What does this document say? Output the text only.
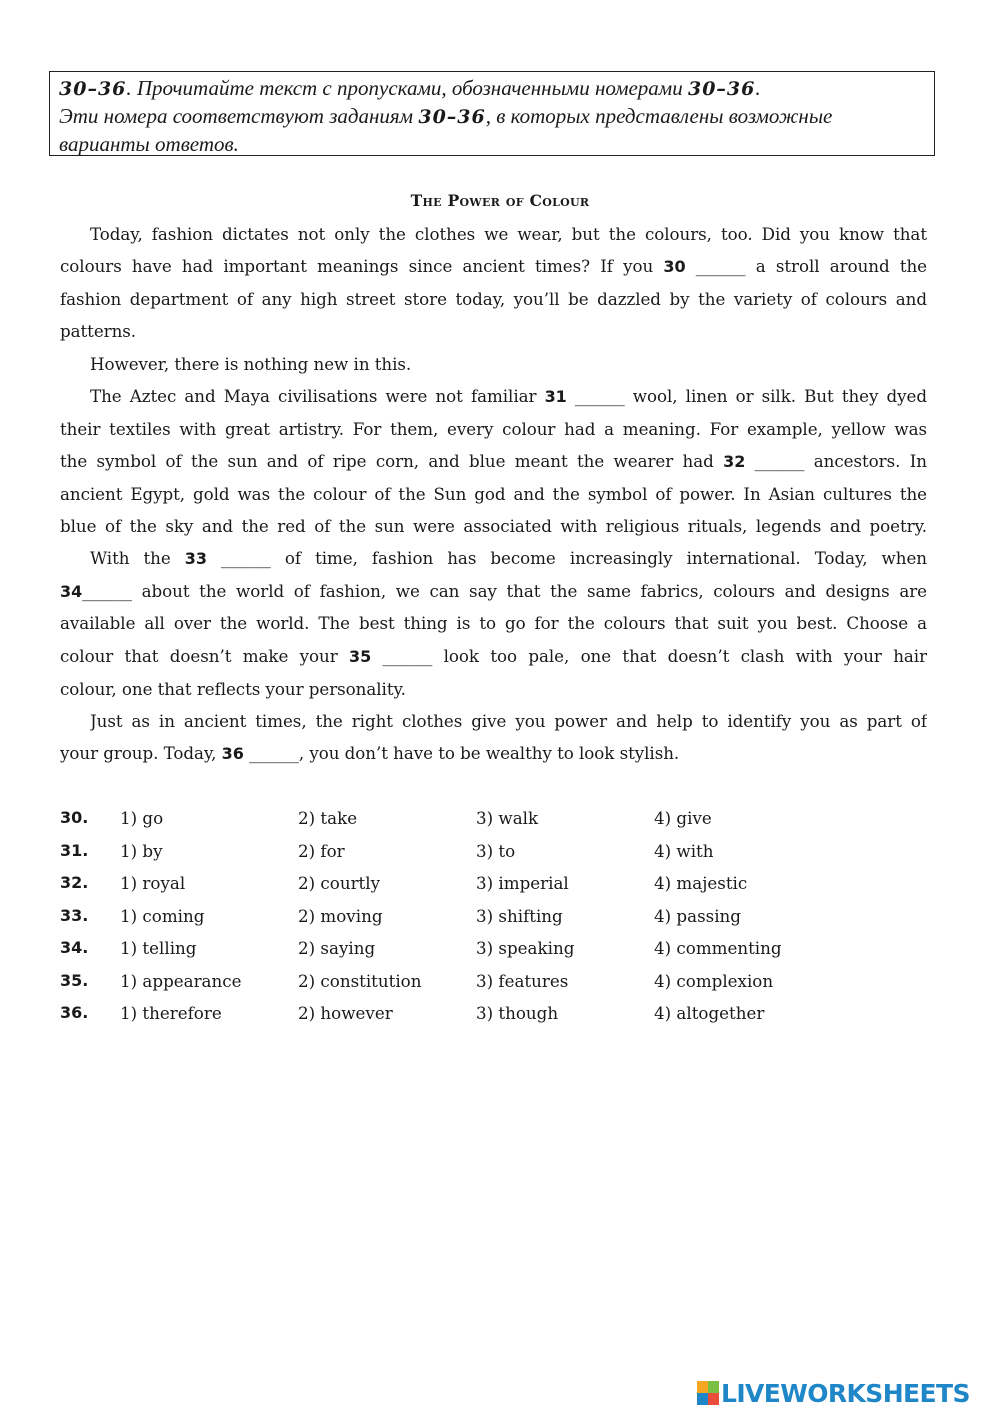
30–36. Прочитайте текст с пропусками, обозначенными номерами 30–36.
Эти номера соответствуют заданиям 30–36, в которых представлены возможные
варианты ответов.
The Power of Colour
Today, fashion dictates not only the clothes we wear, but the colours, too. Did you know that
colours have had important meanings since ancient times? If you 30 ______ a stroll around the
fashion department of any high street store today, you’ll be dazzled by the variety of colours and
patterns.
However, there is nothing new in this.
The Aztec and Maya civilisations were not familiar 31 ______ wool, linen or silk. But they dyed
their textiles with great artistry. For them, every colour had a meaning. For example, yellow was
the symbol of the sun and of ripe corn, and blue meant the wearer had 32 ______ ancestors. In
ancient Egypt, gold was the colour of the Sun god and the symbol of power. In Asian cultures the
blue of the sky and the red of the sun were associated with religious rituals, legends and poetry.
With the 33 ______ of time, fashion has become increasingly international. Today, when
34______ about the world of fashion, we can say that the same fabrics, colours and designs are
available all over the world. The best thing is to go for the colours that suit you best. Choose a
colour that doesn’t make your 35 ______ look too pale, one that doesn’t clash with your hair
colour, one that reflects your personality.
Just as in ancient times, the right clothes give you power and help to identify you as part of
your group. Today, 36 ______, you don’t have to be wealthy to look stylish.
30. 1) go	2) take	3) walk	4) give
31. 1) by	2) for	3) to	4) with
32. 1) royal	2) courtly	3) imperial	4) majestic
33. 1) coming	2) moving	3) shifting	4) passing
34. 1) telling	2) saying	3) speaking	4) commenting
35. 1) appearance	2) constitution	3) features	4) complexion
36. 1) therefore	2) however	3) though	4) altogether
LIVEWORKSHEETS
